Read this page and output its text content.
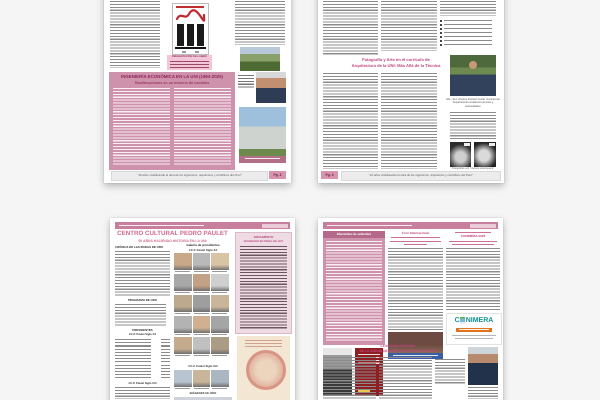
PRESENTACIÓN DEL LIBRO
INGENIERÍA ECONÓMICA EN LA UNI (1964-2025)
Reafirmaciones en un entorno de cambios
“18 años visibilizando la obra de los ingenieros, arquitectos y científicos del Perú”	Pg. 2
Fotografía y Arte en el currículo de
Arquitectura de la UNI: Más Allá de la Técnica
MG. / B.A. Rosana Pacheco Durán, Docente del Departamento Académico de Artes y Humanidades
Fotografías con “cámara estenopeica”
Pg. 3	“18 años visibilizando la obra de los ingenieros, arquitectos y científicos del Perú”
CENTRO CULTURAL PEDRO PAULET
50 AÑOS HACIENDO HISTORIA EN LA UNI
CRÓNICA DE LAS BODAS DE ORO
PROGRAMA DE ORO
PRESIDENTES
CC.P. Paulet Siglo XX
CC.P. Paulet Siglo XXI
Galería de presidentes
CC.P. Paulet Siglo XX
CC.P. Paulet Siglo XXI
IMÁGENES DE ORO
DOCUMENTO
APARECIDO EN PAPEL DE 1977
Efemérides de setiembre	Foro Internacional
CONIMERA 2025
C NIMERA
LA INTENSA HISTORIA
DE LA UNIDAD DE INVESTIGACIÓN DE LA FIEECS
